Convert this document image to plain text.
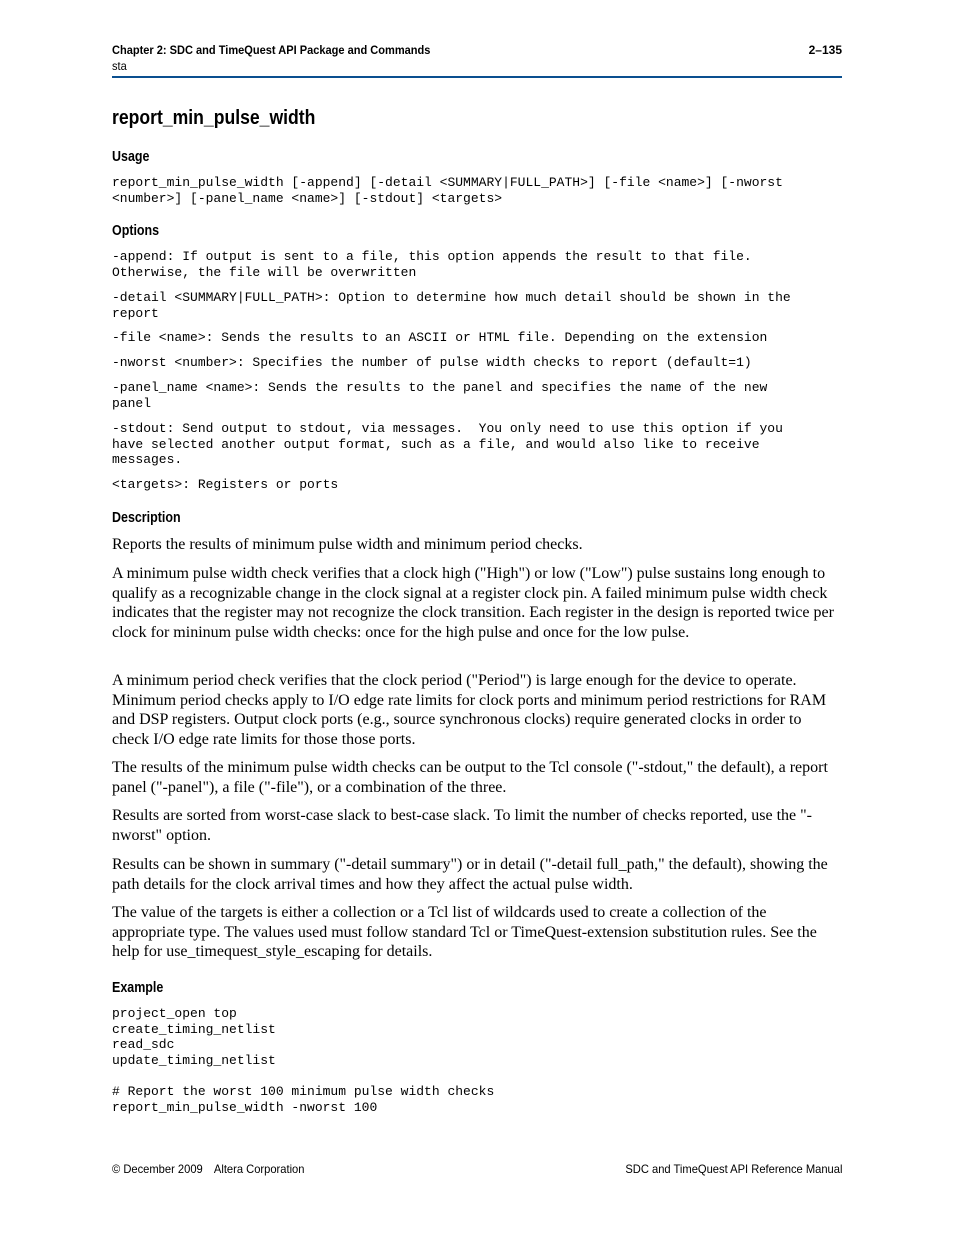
Chapter 2: SDC and TimeQuest API Package and Commands
sta
2–135
report_min_pulse_width
Usage
report_min_pulse_width [-append] [-detail <SUMMARY|FULL_PATH>] [-file <name>] [-nworst
<number>] [-panel_name <name>] [-stdout] <targets>
Options
-append: If output is sent to a file, this option appends the result to that file.
Otherwise, the file will be overwritten
-detail <SUMMARY|FULL_PATH>: Option to determine how much detail should be shown in the
report
-file <name>: Sends the results to an ASCII or HTML file. Depending on the extension
-nworst <number>: Specifies the number of pulse width checks to report (default=1)
-panel_name <name>: Sends the results to the panel and specifies the name of the new
panel
-stdout: Send output to stdout, via messages.  You only need to use this option if you
have selected another output format, such as a file, and would also like to receive
messages.
<targets>: Registers or ports
Description

Reports the results of minimum pulse width and minimum period checks.

A minimum pulse width check verifies that a clock high ("High") or low ("Low") pulse sustains long enough to qualify as a recognizable change in the clock signal at a register clock pin. A failed minimum pulse width check indicates that the register may not recognize the clock transition. Each register in the design is reported twice per clock for mininum pulse width checks: once for the high pulse and once for the low pulse.

A minimum period check verifies that the clock period ("Period") is large enough for the device to operate. Minimum period checks apply to I/O edge rate limits for clock ports and minimum period restrictions for RAM and DSP registers. Output clock ports (e.g., source synchronous clocks) require generated clocks in order to check I/O edge rate limits for those those ports.

The results of the minimum pulse width checks can be output to the Tcl console ("-stdout," the default), a report panel ("-panel"), a file ("-file"), or a combination of the three.

Results are sorted from worst-case slack to best-case slack. To limit the number of checks reported, use the "-nworst" option.

Results can be shown in summary ("-detail summary") or in detail ("-detail full_path," the default), showing the path details for the clock arrival times and how they affect the actual pulse width.

The value of the targets is either a collection or a Tcl list of wildcards used to create a collection of the appropriate type. The values used must follow standard Tcl or TimeQuest-extension substitution rules. See the help for use_timequest_style_escaping for details.

Example
project_open top
create_timing_netlist
read_sdc
update_timing_netlist

# Report the worst 100 minimum pulse width checks
report_min_pulse_width -nworst 100
© December 2009 Altera Corporation	SDC and TimeQuest API Reference Manual
